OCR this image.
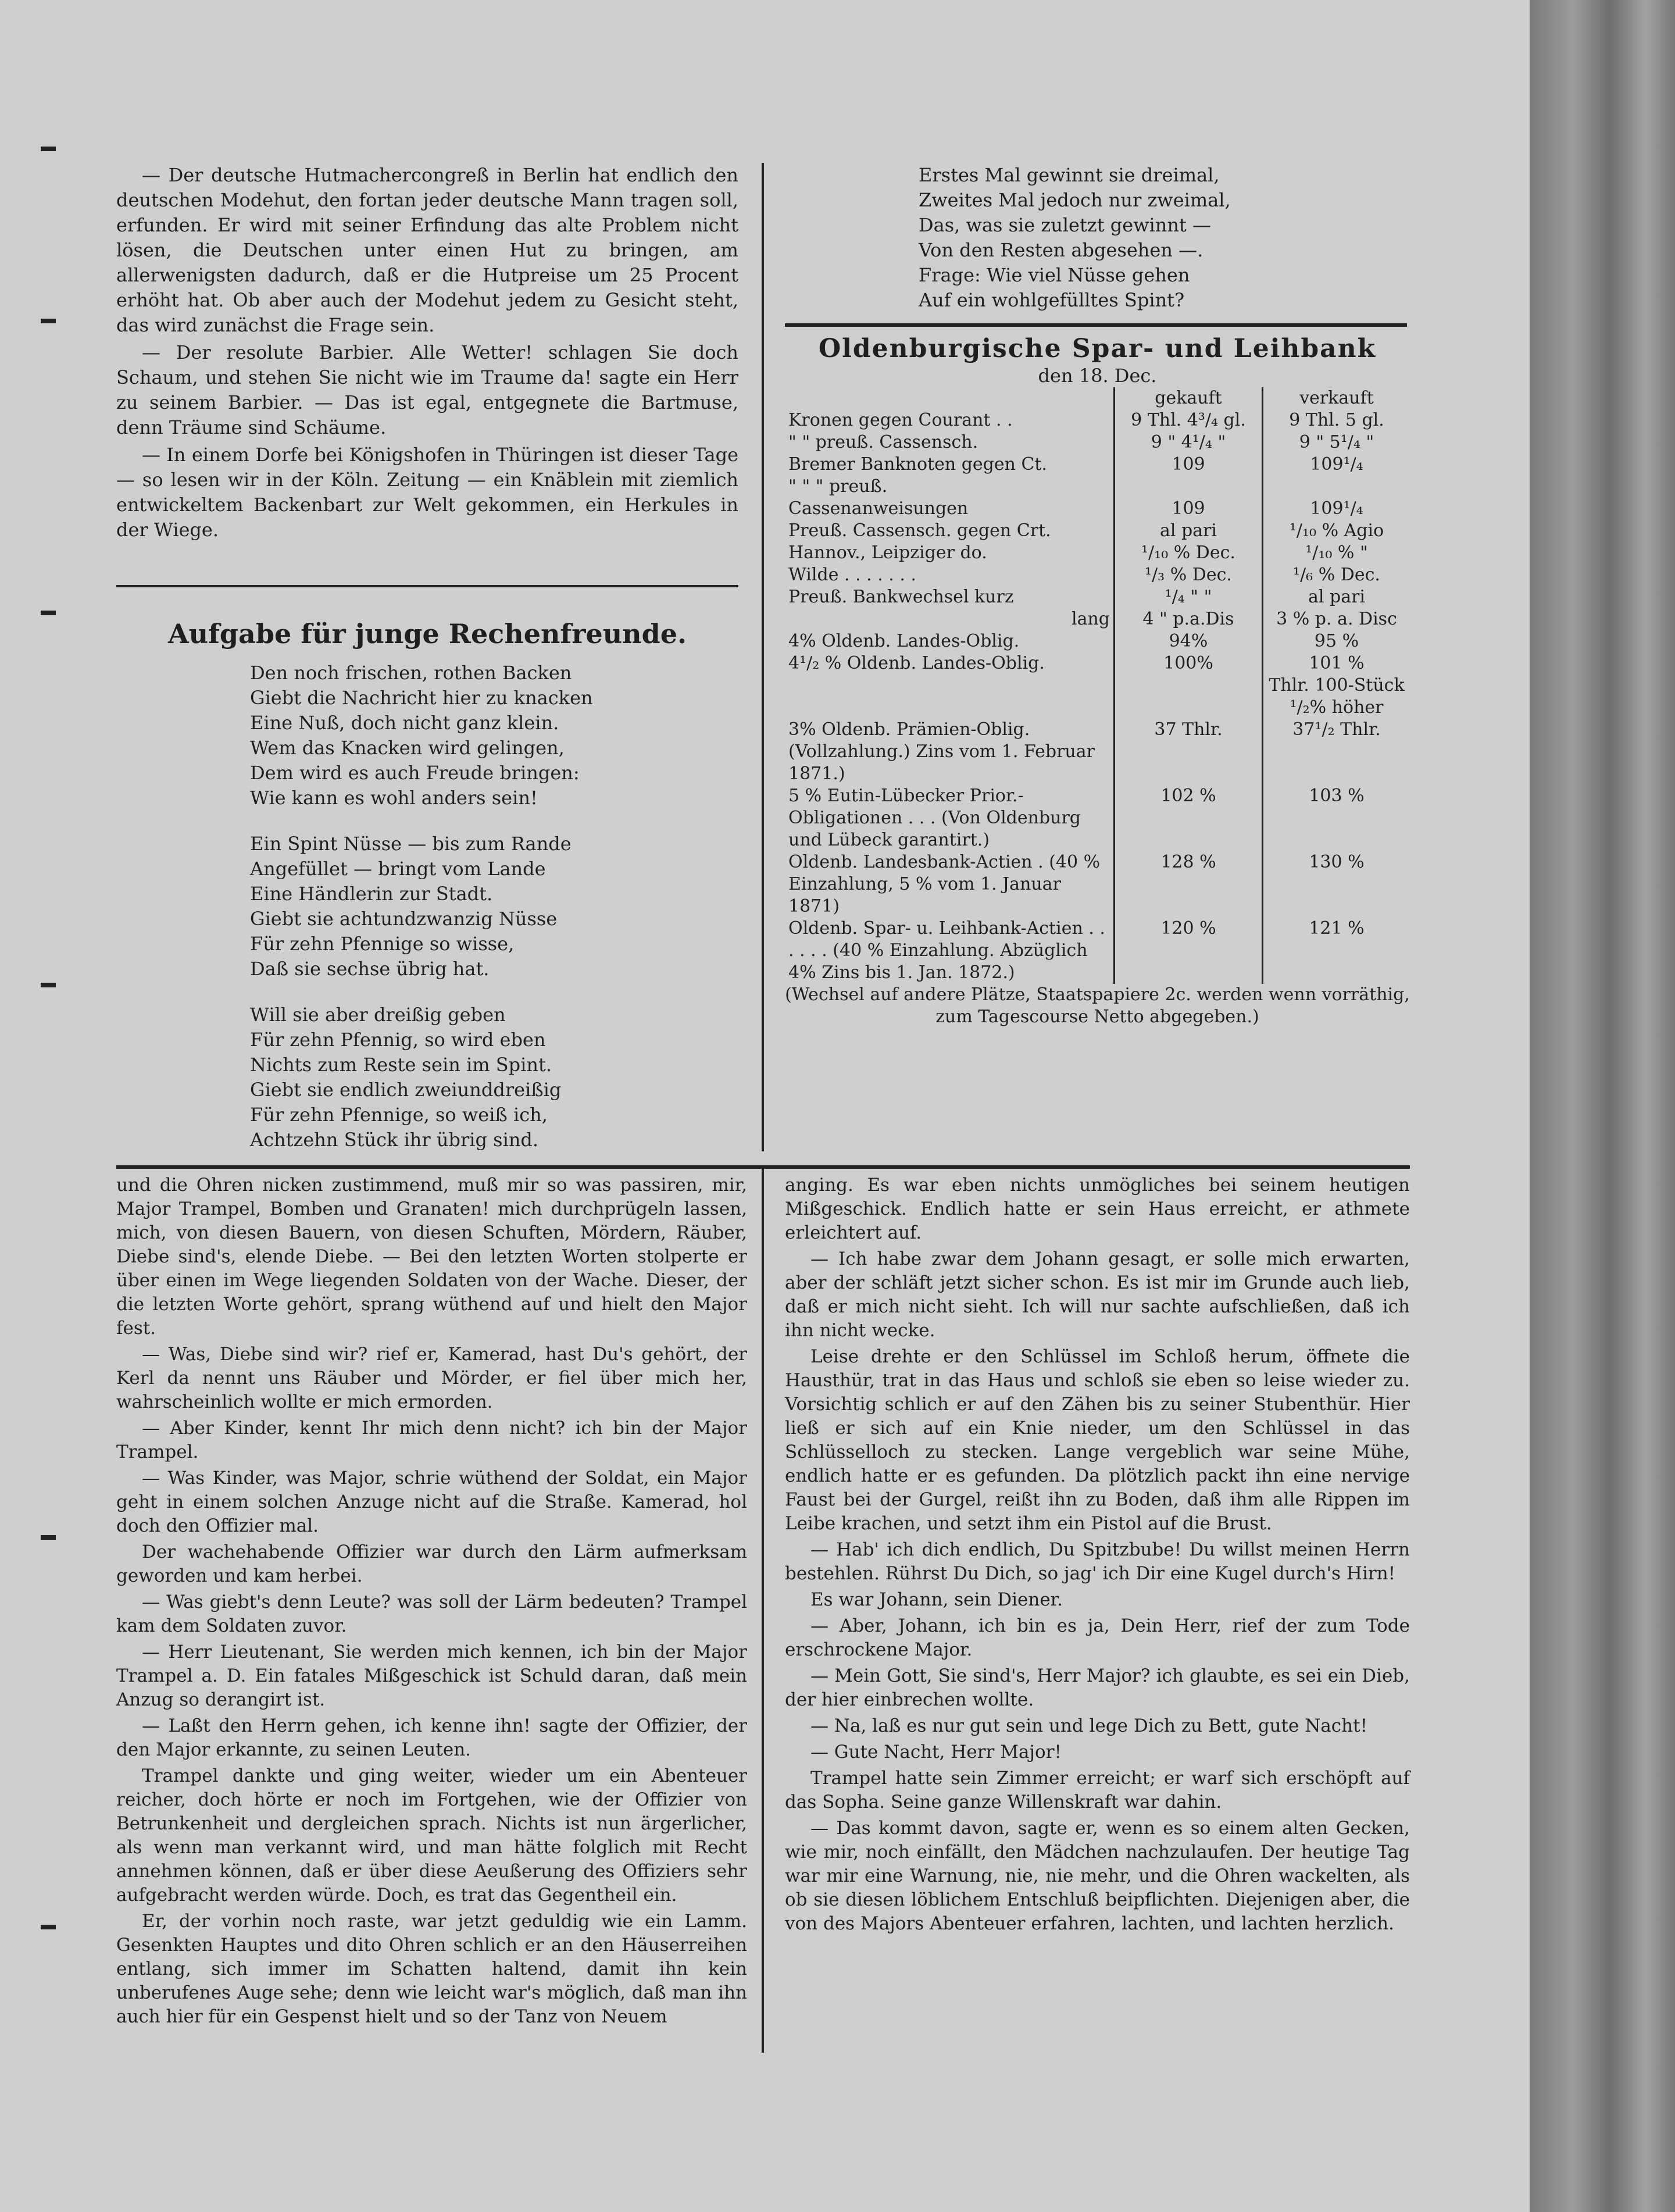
— Der deutsche Hutmachercongreß in Berlin hat endlich den deutschen Modehut, den fortan jeder deutsche Mann tragen soll, erfunden. Er wird mit seiner Erfindung das alte Problem nicht lösen, die Deutschen unter einen Hut zu bringen, am allerwenigsten dadurch, daß er die Hutpreise um 25 Procent erhöht hat. Ob aber auch der Modehut jedem zu Gesicht steht, das wird zunächst die Frage sein.

— Der resolute Barbier. Alle Wetter! schlagen Sie doch Schaum, und stehen Sie nicht wie im Traume da! sagte ein Herr zu seinem Barbier. — Das ist egal, entgegnete die Bartmuse, denn Träume sind Schäume.

— In einem Dorfe bei Königshofen in Thüringen ist dieser Tage — so lesen wir in der Köln. Zeitung — ein Knäblein mit ziemlich entwickeltem Backenbart zur Welt gekommen, ein Herkules in der Wiege.

Aufgabe für junge Rechenfreunde.
Den noch frischen, rothen Backen
Giebt die Nachricht hier zu knacken
Eine Nuß, doch nicht ganz klein.
Wem das Knacken wird gelingen,
Dem wird es auch Freude bringen:
Wie kann es wohl anders sein!
Ein Spint Nüsse — bis zum Rande
Angefüllet — bringt vom Lande
Eine Händlerin zur Stadt.
Giebt sie achtundzwanzig Nüsse
Für zehn Pfennige so wisse,
Daß sie sechse übrig hat.
Will sie aber dreißig geben
Für zehn Pfennig, so wird eben
Nichts zum Reste sein im Spint.
Giebt sie endlich zweiunddreißig
Für zehn Pfennige, so weiß ich,
Achtzehn Stück ihr übrig sind.
Erstes Mal gewinnt sie dreimal,
Zweites Mal jedoch nur zweimal,
Das, was sie zuletzt gewinnt —
Von den Resten abgesehen —.
Frage: Wie viel Nüsse gehen
Auf ein wohlgefülltes Spint?
Oldenburgische Spar- und Leihbank
den 18. Dec.
	gekauft	verkauft
Kronen gegen Courant . .	9 Thl. 4³/₄ gl.	9 Thl. 5 gl.
" " preuß. Cassensch.	9 " 4¹/₄ "	9 " 5¹/₄ "
Bremer Banknoten gegen Ct.	109	109¹/₄
" " " preuß.		
Cassenanweisungen	109	109¹/₄
Preuß. Cassensch. gegen Crt.	al pari	¹/₁₀ % Agio
Hannov., Leipziger do.	¹/₁₀ % Dec.	¹/₁₀ % "
Wilde . . . . . . .	¹/₃ % Dec.	¹/₆ % Dec.
Preuß. Bankwechsel kurz	¹/₄ " "	al pari
lang	4 " p.a.Dis	3 % p. a. Disc
4% Oldenb. Landes-Oblig.	94%	95 %
4¹/₂ % Oldenb. Landes-Oblig.	100%	101 %
		Thlr. 100-Stück
		¹/₂% höher
3% Oldenb. Prämien-Oblig. (Vollzahlung.) Zins vom 1. Februar 1871.)	37 Thlr.	37¹/₂ Thlr.
5 % Eutin-Lübecker Prior.-Obligationen . . . (Von Oldenburg und Lübeck garantirt.)	102 %	103 %
Oldenb. Landesbank-Actien . (40 % Einzahlung, 5 % vom 1. Januar 1871)	128 %	130 %
Oldenb. Spar- u. Leihbank-Actien . . . . . . (40 % Einzahlung. Abzüglich 4% Zins bis 1. Jan. 1872.)	120 %	121 %
(Wechsel auf andere Plätze, Staatspapiere 2c. werden wenn vorräthig, zum Tagescourse Netto abgegeben.)

und die Ohren nicken zustimmend, muß mir so was passiren, mir, Major Trampel, Bomben und Granaten! mich durchprügeln lassen, mich, von diesen Bauern, von diesen Schuften, Mördern, Räuber, Diebe sind's, elende Diebe. — Bei den letzten Worten stolperte er über einen im Wege liegenden Soldaten von der Wache. Dieser, der die letzten Worte gehört, sprang wüthend auf und hielt den Major fest.

— Was, Diebe sind wir? rief er, Kamerad, hast Du's gehört, der Kerl da nennt uns Räuber und Mörder, er fiel über mich her, wahrscheinlich wollte er mich ermorden.

— Aber Kinder, kennt Ihr mich denn nicht? ich bin der Major Trampel.

— Was Kinder, was Major, schrie wüthend der Soldat, ein Major geht in einem solchen Anzuge nicht auf die Straße. Kamerad, hol doch den Offizier mal.

Der wachehabende Offizier war durch den Lärm aufmerksam geworden und kam herbei.

— Was giebt's denn Leute? was soll der Lärm bedeuten? Trampel kam dem Soldaten zuvor.

— Herr Lieutenant, Sie werden mich kennen, ich bin der Major Trampel a. D. Ein fatales Mißgeschick ist Schuld daran, daß mein Anzug so derangirt ist.

— Laßt den Herrn gehen, ich kenne ihn! sagte der Offizier, der den Major erkannte, zu seinen Leuten.

Trampel dankte und ging weiter, wieder um ein Abenteuer reicher, doch hörte er noch im Fortgehen, wie der Offizier von Betrunkenheit und dergleichen sprach. Nichts ist nun ärgerlicher, als wenn man verkannt wird, und man hätte folglich mit Recht annehmen können, daß er über diese Aeußerung des Offiziers sehr aufgebracht werden würde. Doch, es trat das Gegentheil ein.

Er, der vorhin noch raste, war jetzt geduldig wie ein Lamm. Gesenkten Hauptes und dito Ohren schlich er an den Häuserreihen entlang, sich immer im Schatten haltend, damit ihn kein unberufenes Auge sehe; denn wie leicht war's möglich, daß man ihn auch hier für ein Gespenst hielt und so der Tanz von Neuem

anging. Es war eben nichts unmögliches bei seinem heutigen Mißgeschick. Endlich hatte er sein Haus erreicht, er athmete erleichtert auf.

— Ich habe zwar dem Johann gesagt, er solle mich erwarten, aber der schläft jetzt sicher schon. Es ist mir im Grunde auch lieb, daß er mich nicht sieht. Ich will nur sachte aufschließen, daß ich ihn nicht wecke.

Leise drehte er den Schlüssel im Schloß herum, öffnete die Hausthür, trat in das Haus und schloß sie eben so leise wieder zu. Vorsichtig schlich er auf den Zähen bis zu seiner Stubenthür. Hier ließ er sich auf ein Knie nieder, um den Schlüssel in das Schlüsselloch zu stecken. Lange vergeblich war seine Mühe, endlich hatte er es gefunden. Da plötzlich packt ihn eine nervige Faust bei der Gurgel, reißt ihn zu Boden, daß ihm alle Rippen im Leibe krachen, und setzt ihm ein Pistol auf die Brust.

— Hab' ich dich endlich, Du Spitzbube! Du willst meinen Herrn bestehlen. Rührst Du Dich, so jag' ich Dir eine Kugel durch's Hirn!

Es war Johann, sein Diener.

— Aber, Johann, ich bin es ja, Dein Herr, rief der zum Tode erschrockene Major.

— Mein Gott, Sie sind's, Herr Major? ich glaubte, es sei ein Dieb, der hier einbrechen wollte.

— Na, laß es nur gut sein und lege Dich zu Bett, gute Nacht!

— Gute Nacht, Herr Major!

Trampel hatte sein Zimmer erreicht; er warf sich erschöpft auf das Sopha. Seine ganze Willenskraft war dahin.

— Das kommt davon, sagte er, wenn es so einem alten Gecken, wie mir, noch einfällt, den Mädchen nachzulaufen. Der heutige Tag war mir eine Warnung, nie, nie mehr, und die Ohren wackelten, als ob sie diesen löblichem Entschluß beipflichten. Diejenigen aber, die von des Majors Abenteuer erfahren, lachten, und lachten herzlich.
